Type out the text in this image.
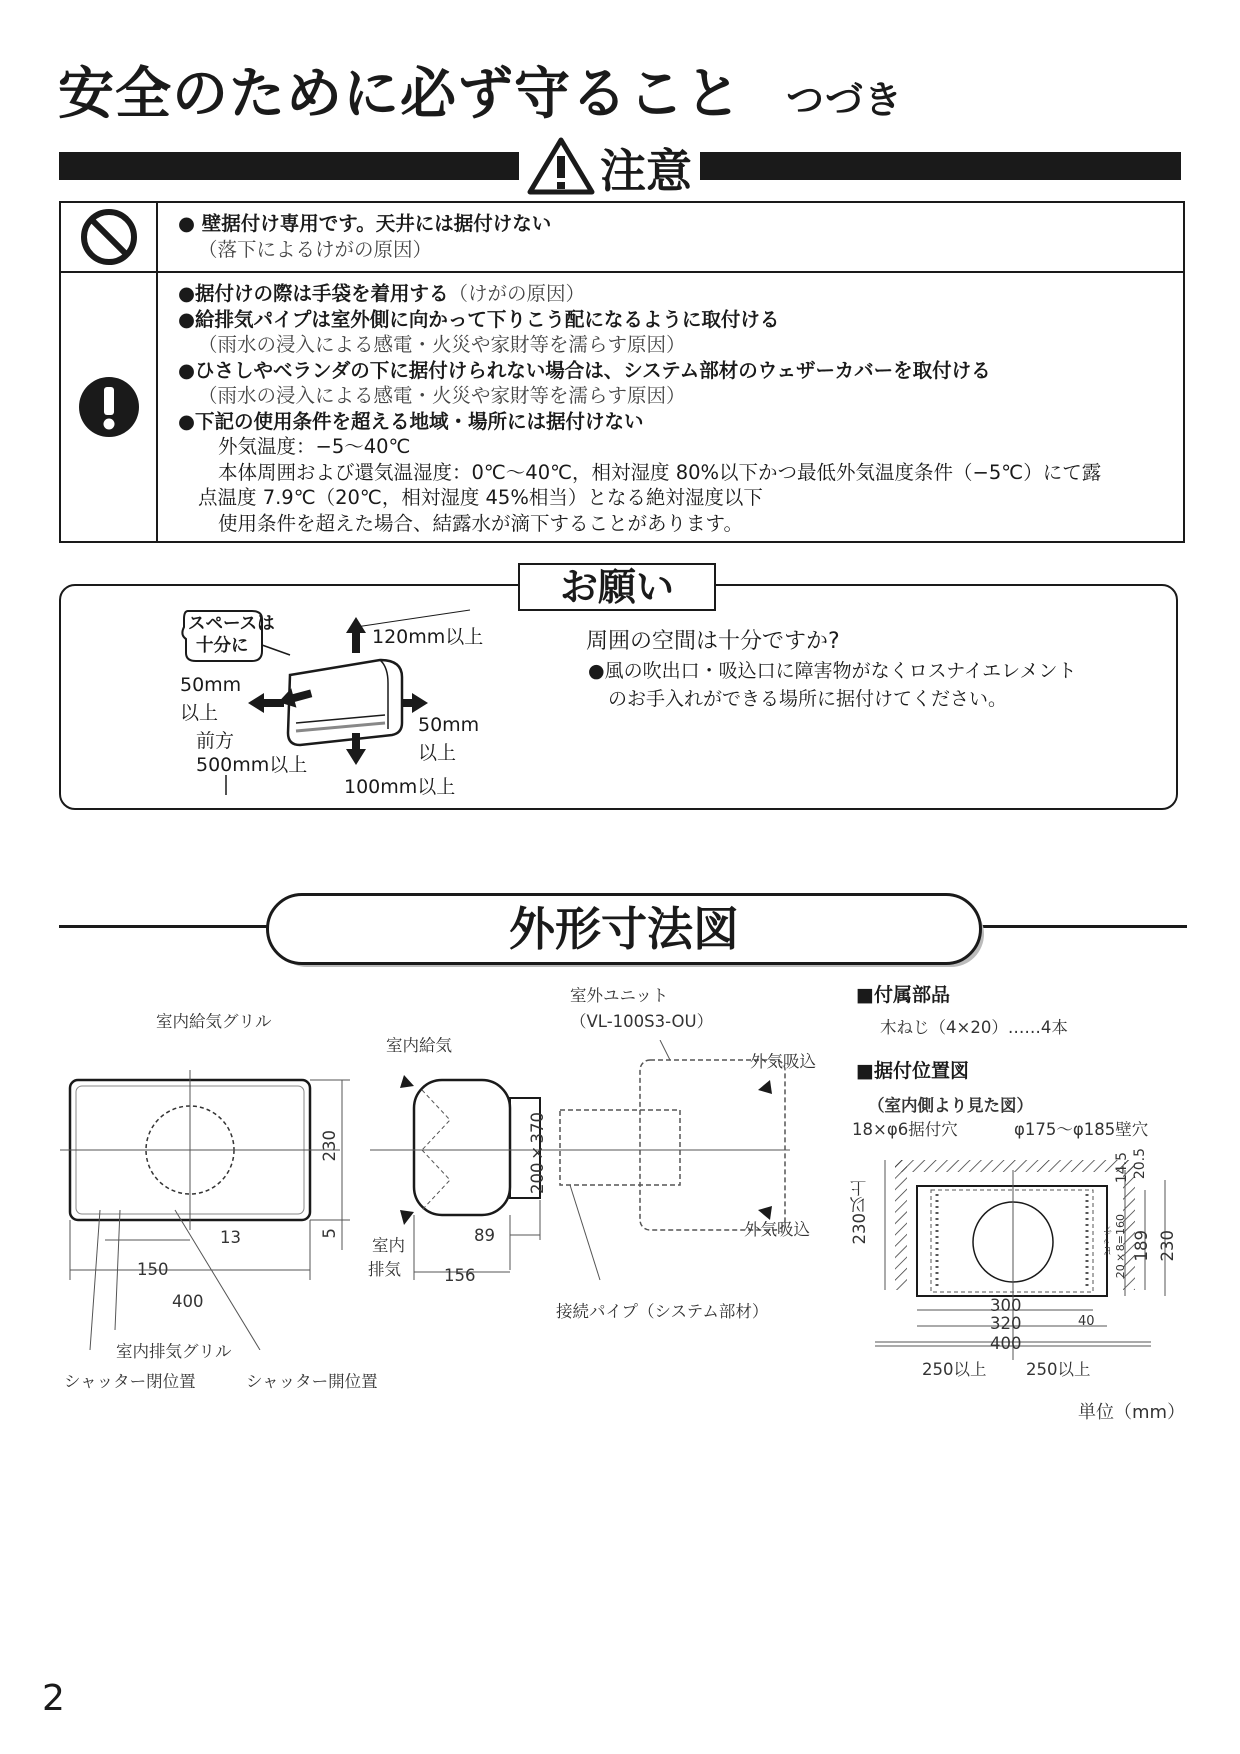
安全のために必ず守ること つづき
注意
● 壁据付け専用です。天井には据付けない
（落下によるけがの原因）
●据付けの際は手袋を着用する（けがの原因）
●給排気パイプは室外側に向かって下りこう配になるように取付ける
（雨水の浸入による感電・火災や家財等を濡らす原因）
●ひさしやベランダの下に据付けられない場合は、システム部材のウェザーカバーを取付ける
（雨水の浸入による感電・火災や家財等を濡らす原因）
●下記の使用条件を超える地域・場所には据付けない
外気温度：−5〜40℃
本体周囲および還気温湿度：0℃〜40℃，相対湿度 80%以下かつ最低外気温度条件（−5℃）にて露
点温度 7.9℃（20℃，相対湿度 45%相当）となる絶対湿度以下
使用条件を超えた場合、結露水が滴下することがあります。
お願い
スペースは
十分に	120mm以上
50mm
以上
50mm
以上
前方
500mm以上
100mm以上
周囲の空間は十分ですか?
●風の吹出口・吸込口に障害物がなくロスナイエレメント
のお手入れができる場所に据付けてください。
外形寸法図
室内給気グリル
230
5
13
150
400
室内排気グリル
シャッター閉位置	シャッター開位置
室外ユニット
（VL-100S3-OU）
室内給気
外気吸込
外気吸込
200×370
室内
排気
89
156
接続パイプ（システム部材）
■付属部品
木ねじ（4×20）……4本
■据付位置図
（室内側より見た図）
18×φ6据付穴	φ175〜φ185壁穴
230以上
14.5 20.5
ピッチ 20×8=160 189 230
300
320	40
400
250以上 250以上
単位（mm）
2
